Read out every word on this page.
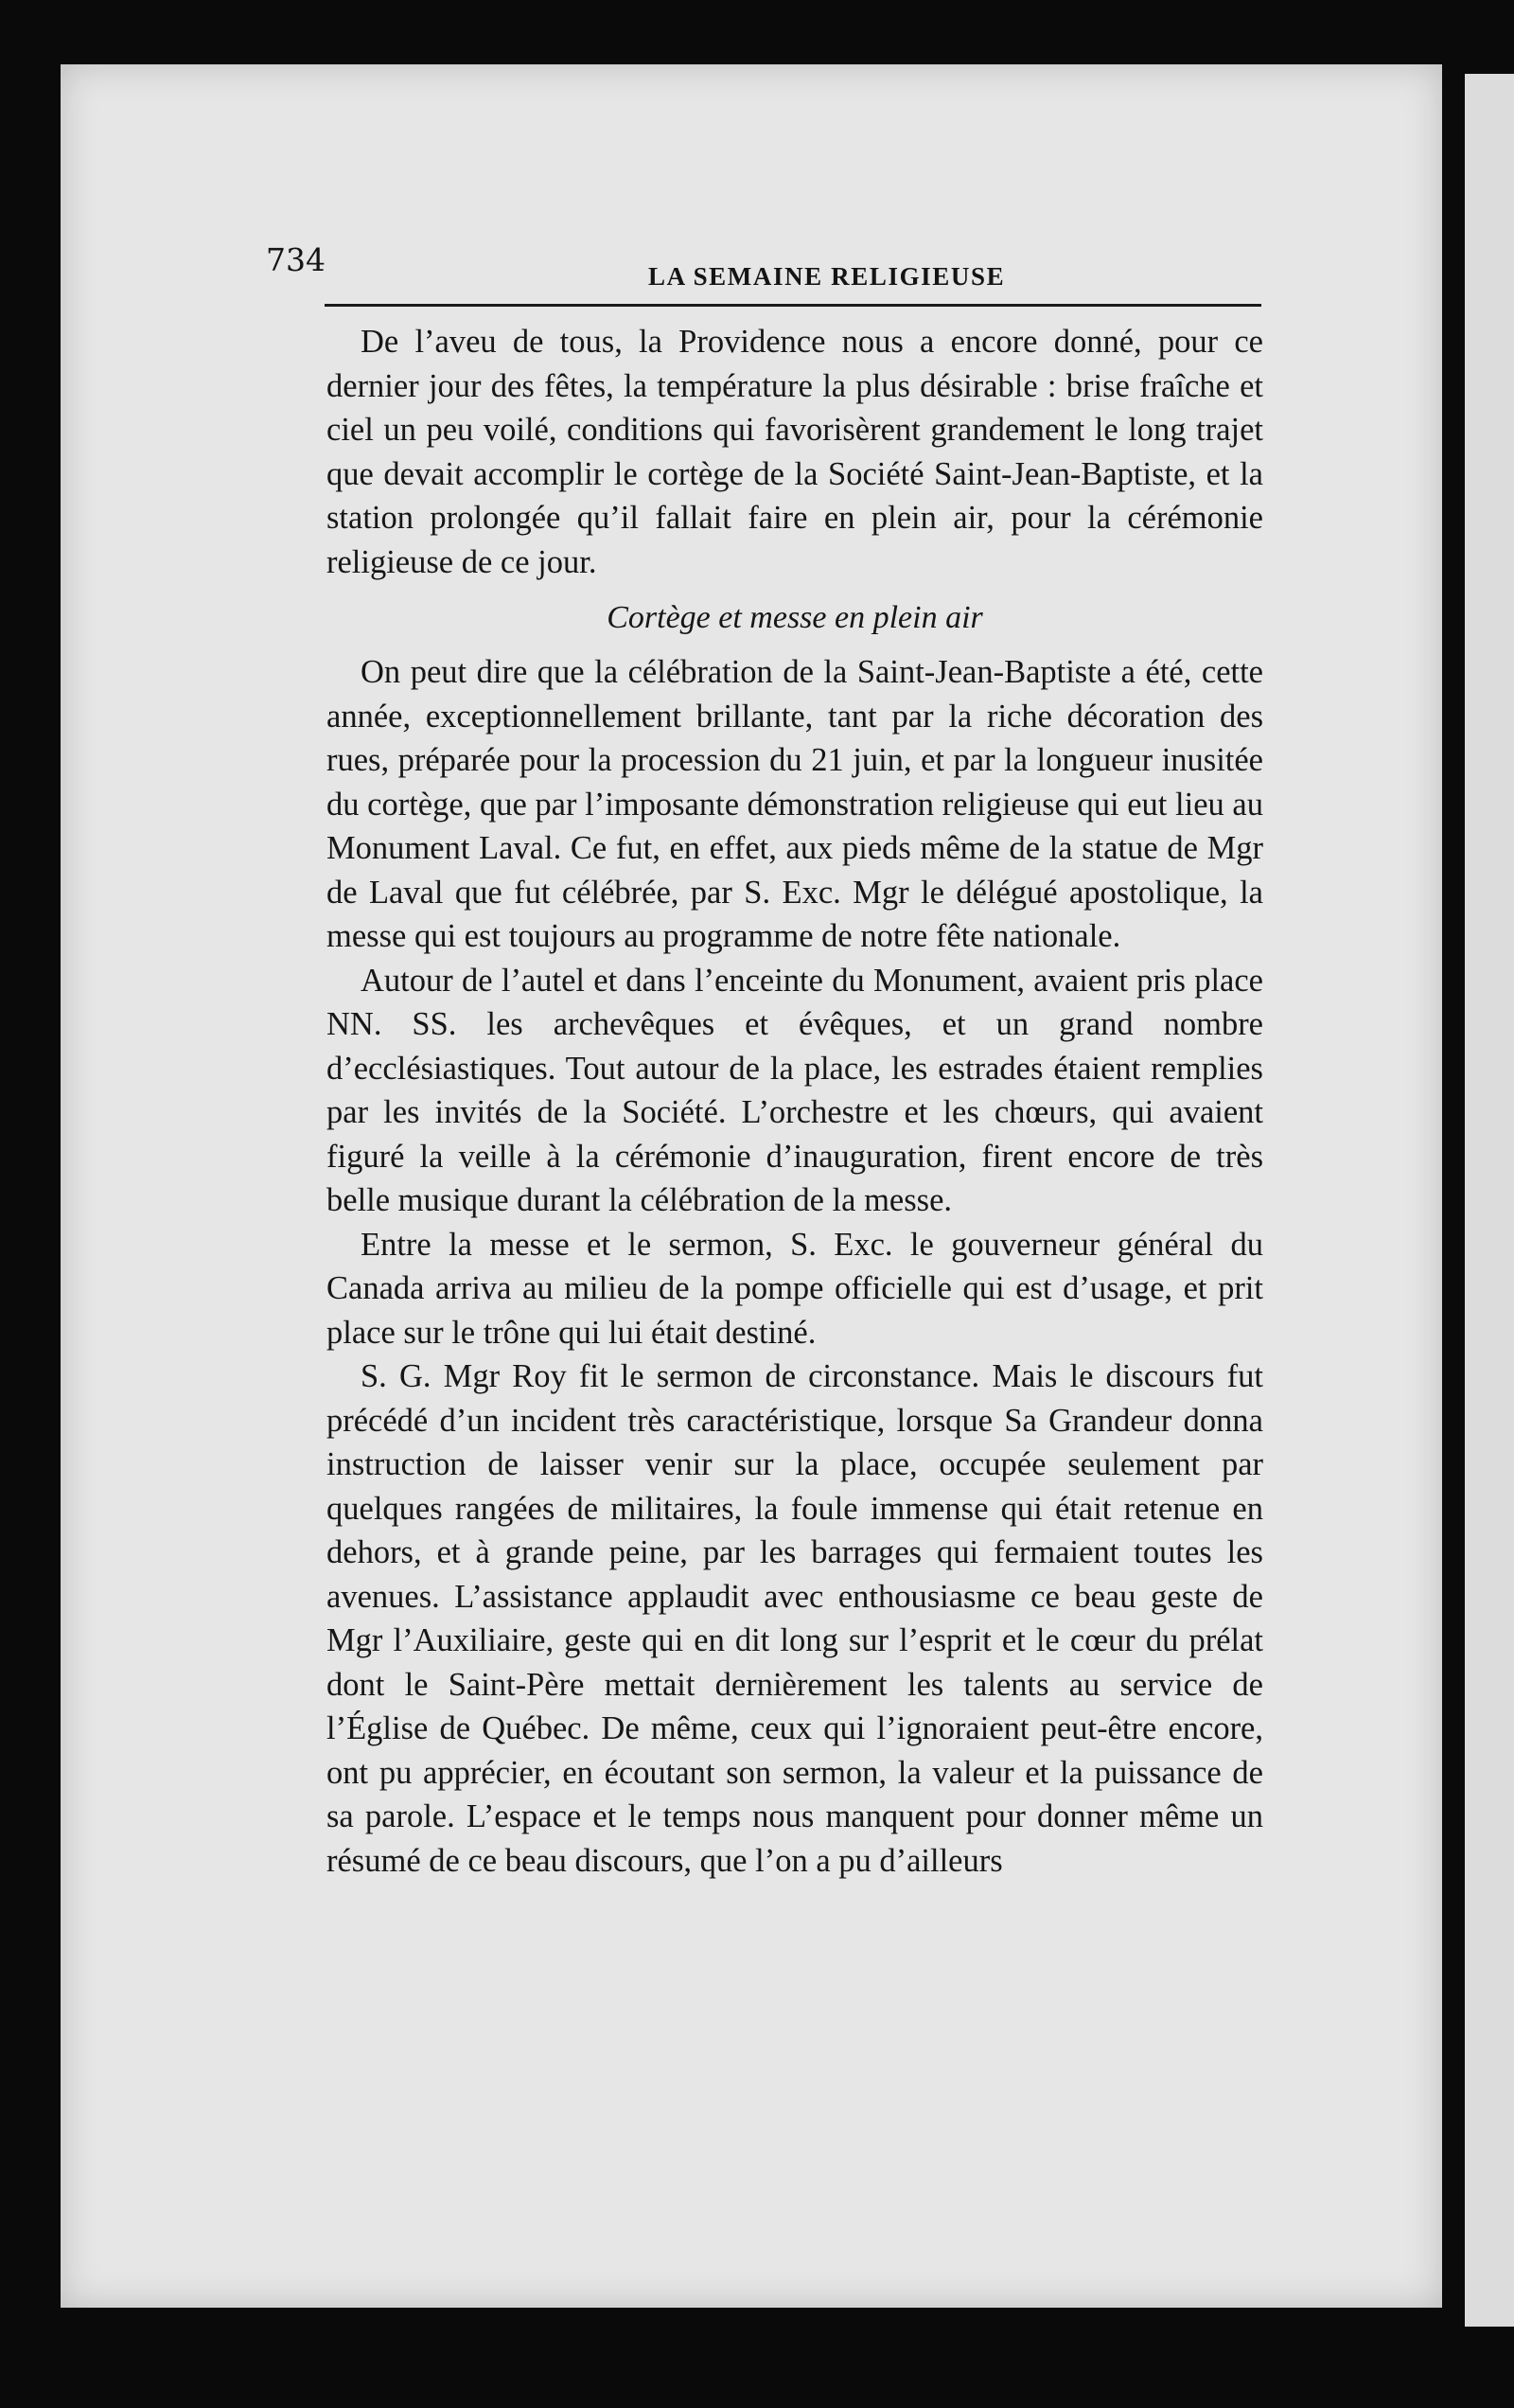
734	LA SEMAINE RELIGIEUSE

De l’aveu de tous, la Providence nous a encore donné, pour ce dernier jour des fêtes, la température la plus désirable : brise fraîche et ciel un peu voilé, conditions qui favorisèrent grandement le long trajet que devait accomplir le cortège de la Société Saint-Jean-Baptiste, et la station prolongée qu’il fallait faire en plein air, pour la cérémonie religieuse de ce jour.

Cortège et messe en plein air

On peut dire que la célébration de la Saint-Jean-Baptiste a été, cette année, exceptionnellement brillante, tant par la riche décoration des rues, préparée pour la procession du 21 juin, et par la longueur inusitée du cortège, que par l’imposante démonstration religieuse qui eut lieu au Monument Laval. Ce fut, en effet, aux pieds même de la statue de Mgr de Laval que fut célébrée, par S. Exc. Mgr le délégué apostolique, la messe qui est toujours au programme de notre fête nationale.

Autour de l’autel et dans l’enceinte du Monument, avaient pris place NN. SS. les archevêques et évêques, et un grand nombre d’ecclésiastiques. Tout autour de la place, les estrades étaient remplies par les invités de la Société. L’orchestre et les chœurs, qui avaient figuré la veille à la cérémonie d’inauguration, firent encore de très belle musique durant la célébration de la messe.

Entre la messe et le sermon, S. Exc. le gouverneur général du Canada arriva au milieu de la pompe officielle qui est d’usage, et prit place sur le trône qui lui était destiné.

S. G. Mgr Roy fit le sermon de circonstance. Mais le discours fut précédé d’un incident très caractéristique, lorsque Sa Grandeur donna instruction de laisser venir sur la place, occupée seulement par quelques rangées de militaires, la foule immense qui était retenue en dehors, et à grande peine, par les barrages qui fermaient toutes les avenues. L’assistance applaudit avec enthousiasme ce beau geste de Mgr l’Auxiliaire, geste qui en dit long sur l’esprit et le cœur du prélat dont le Saint-Père mettait dernièrement les talents au service de l’Église de Québec. De même, ceux qui l’ignoraient peut-être encore, ont pu apprécier, en écoutant son sermon, la valeur et la puissance de sa parole. L’espace et le temps nous manquent pour donner même un résumé de ce beau discours, que l’on a pu d’ailleurs
